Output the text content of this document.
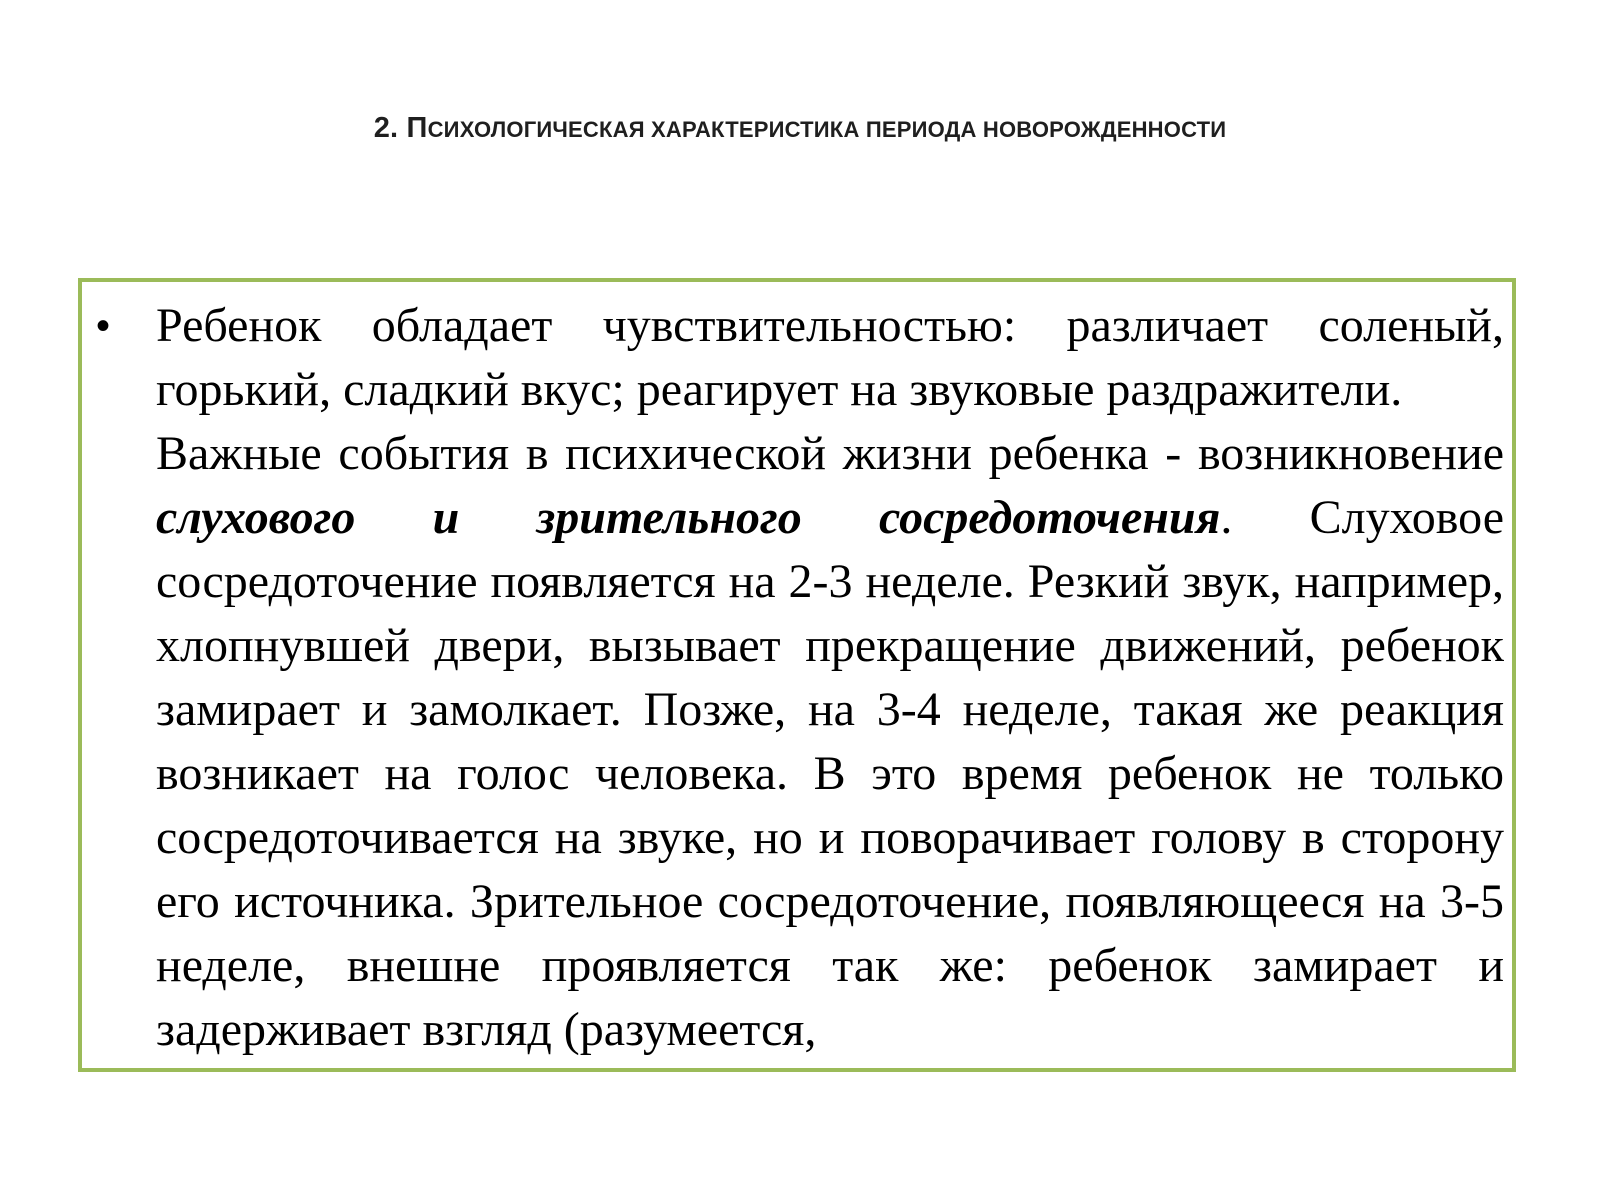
2. ПСИХОЛОГИЧЕСКАЯ ХАРАКТЕРИСТИКА ПЕРИОДА НОВОРОЖДЕННОСТИ
• Ребенок обладает чувствительностью: различает соленый, горький, сладкий вкус; реагирует на звуковые раздражители.

Важные события в психической жизни ребенка - возникновение слухового и зрительного сосредоточения. Слуховое сосредоточение появляется на 2-3 неделе. Резкий звук, например, хлопнувшей двери, вызывает прекращение движений, ребенок замирает и замолкает. Позже, на 3-4 неделе, такая же реакция возникает на голос человека. В это время ребенок не только сосредоточивается на звуке, но и поворачивает голову в сторону его источника. Зрительное сосредоточение, появляющееся на 3-5 неделе, внешне проявляется так же: ребенок замирает и задерживает взгляд (разумеется,
